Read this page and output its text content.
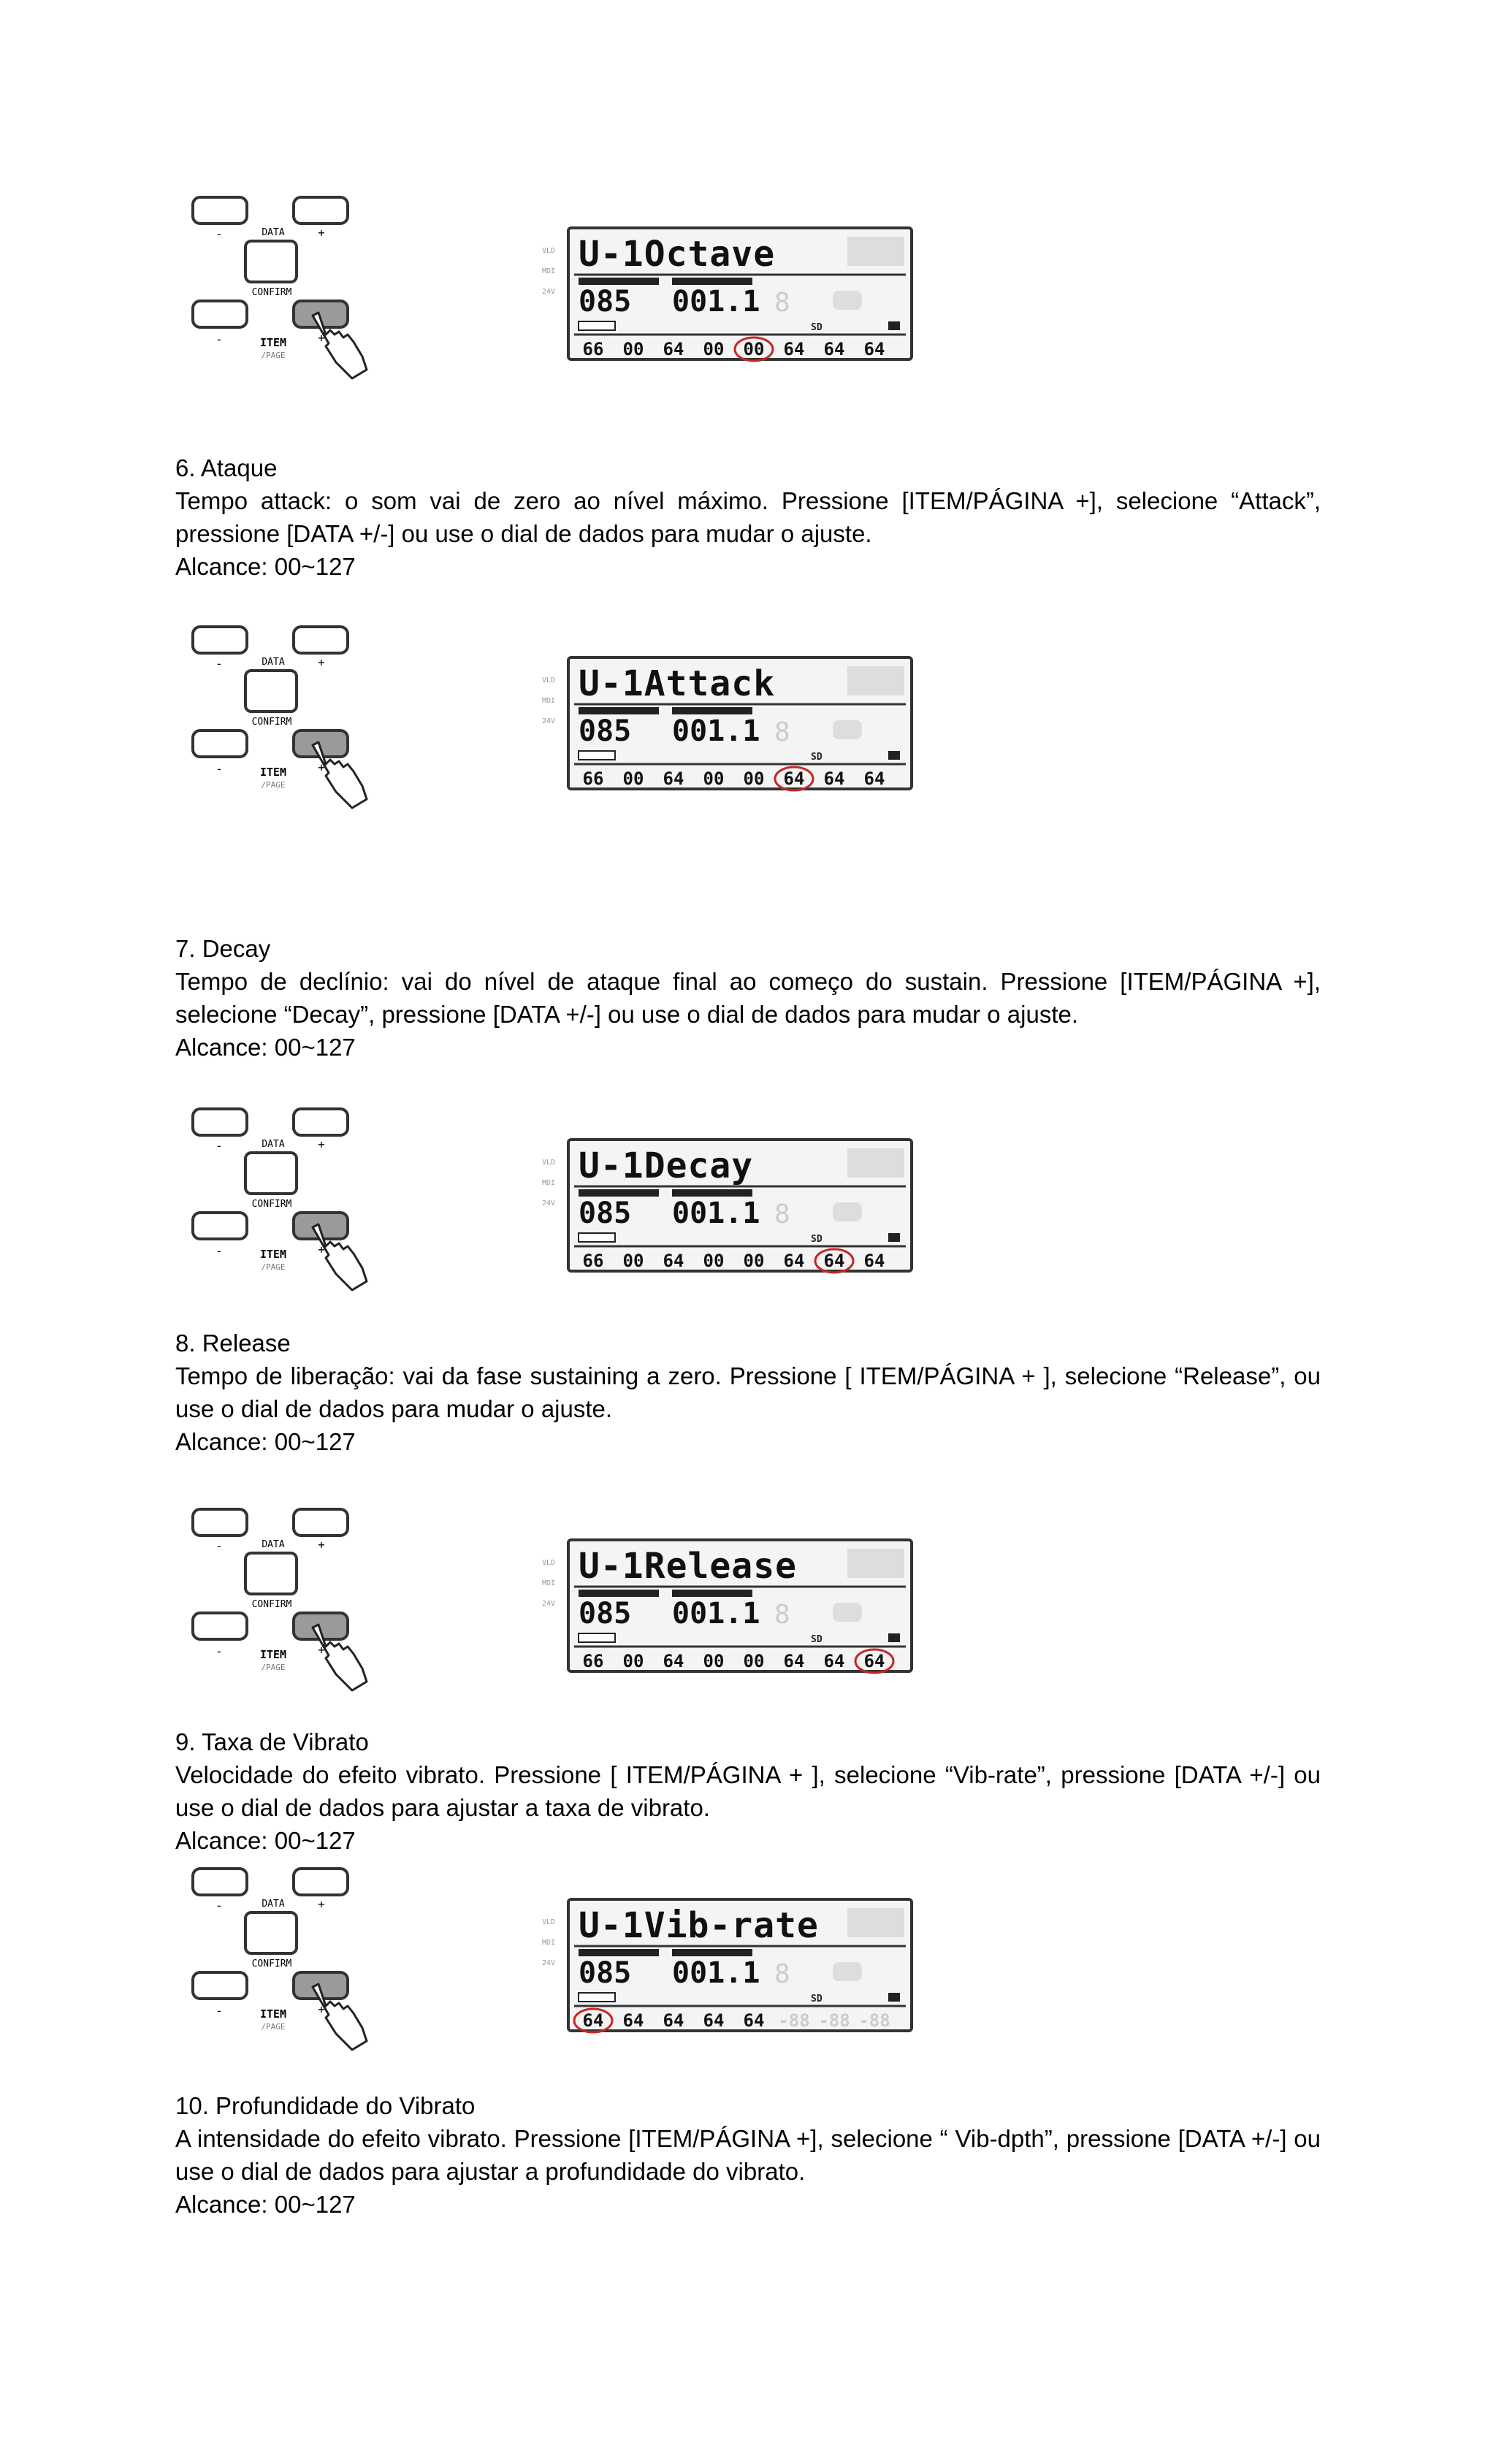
-	+
DATA
CONFIRM
-	+
ITEM
/PAGE
VLD
MDI
24V
U-1Octave
085 001.1 8
SD
66 00 64 00 00 64 64 64

6. Ataque

Tempo attack: o som vai de zero ao nível máximo. Pressione [ITEM/PÁGINA +], selecione “Attack”, pressione [DATA +/-] ou use o dial de dados para mudar o ajuste.

Alcance: 00~127

-	+
DATA
CONFIRM
-	+
ITEM
/PAGE
VLD
MDI
24V
U-1Attack
085 001.1 8
SD
66 00 64 00 00 64 64 64

7. Decay

Tempo de declínio: vai do nível de ataque final ao começo do sustain. Pressione [ITEM/PÁGINA +], selecione “Decay”, pressione [DATA +/-] ou use o dial de dados para mudar o ajuste.

Alcance: 00~127

-	+
DATA
CONFIRM
-	+
ITEM
/PAGE
VLD
MDI
24V
U-1Decay
085 001.1 8
SD
66 00 64 00 00 64 64 64

8. Release

Tempo de liberação: vai da fase sustaining a zero. Pressione [ ITEM/PÁGINA + ], selecione “Release”, ou use o dial de dados para mudar o ajuste.

Alcance: 00~127

-	+
DATA
CONFIRM
-	+
ITEM
/PAGE
VLD
MDI
24V
U-1Release
085 001.1 8
SD
66 00 64 00 00 64 64 64

9. Taxa de Vibrato

Velocidade do efeito vibrato. Pressione [ ITEM/PÁGINA + ], selecione “Vib-rate”, pressione [DATA +/-] ou use o dial de dados para ajustar a taxa de vibrato.

Alcance: 00~127

-	+
DATA
CONFIRM
-	+
ITEM
/PAGE
VLD
MDI
24V
U-1Vib-rate
085 001.1 8
SD
64 64 64 64 64 -88 -88 -88

10. Profundidade do Vibrato

A intensidade do efeito vibrato. Pressione [ITEM/PÁGINA +], selecione “ Vib-dpth”, pressione [DATA +/-] ou use o dial de dados para ajustar a profundidade do vibrato.

Alcance: 00~127
